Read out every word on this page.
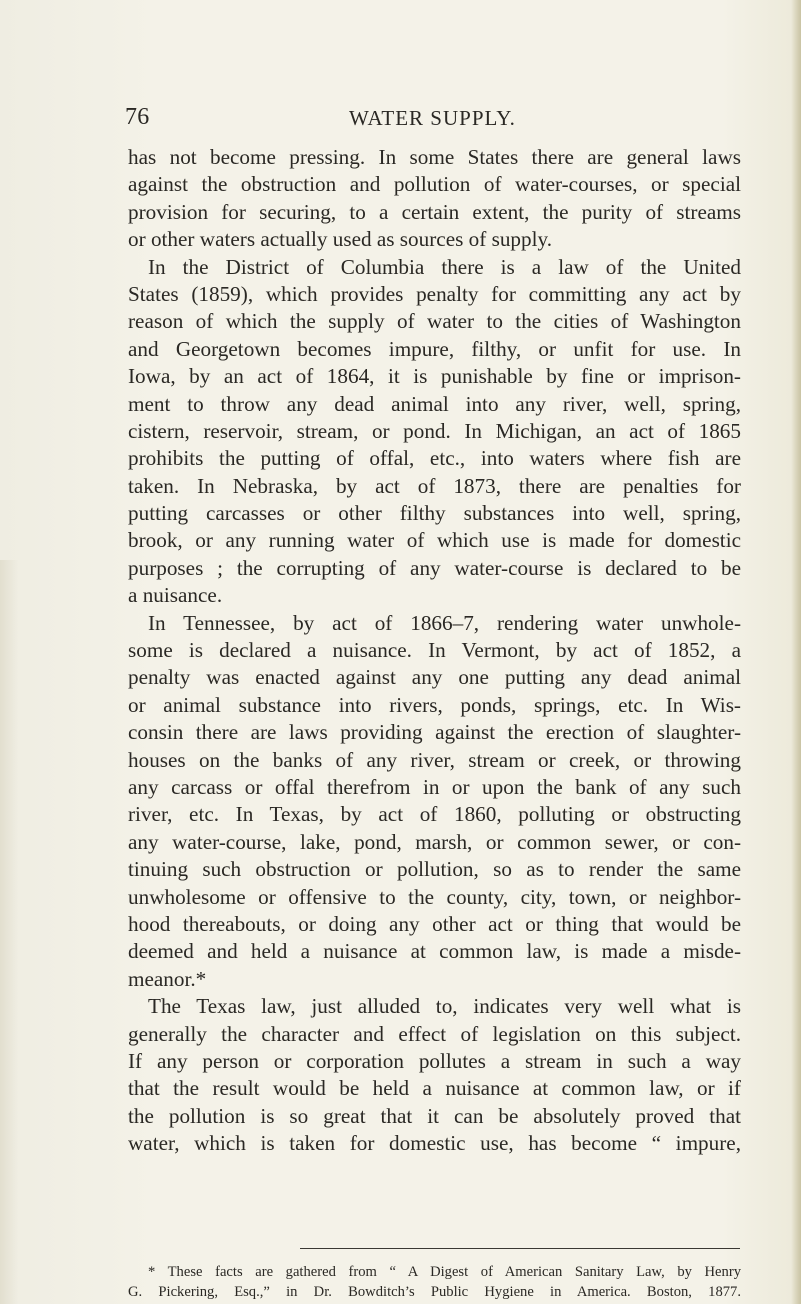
76	WATER SUPPLY.
has not become pressing. In some States there are general laws
against the obstruction and pollution of water-courses, or special
provision for securing, to a certain extent, the purity of streams
or other waters actually used as sources of supply.
In the District of Columbia there is a law of the United
States (1859), which provides penalty for committing any act by
reason of which the supply of water to the cities of Washington
and Georgetown becomes impure, filthy, or unfit for use. In
Iowa, by an act of 1864, it is punishable by fine or imprison-
ment to throw any dead animal into any river, well, spring,
cistern, reservoir, stream, or pond. In Michigan, an act of 1865
prohibits the putting of offal, etc., into waters where fish are
taken. In Nebraska, by act of 1873, there are penalties for
putting carcasses or other filthy substances into well, spring,
brook, or any running water of which use is made for domestic
purposes ; the corrupting of any water-course is declared to be
a nuisance.
In Tennessee, by act of 1866–7, rendering water unwhole-
some is declared a nuisance. In Vermont, by act of 1852, a
penalty was enacted against any one putting any dead animal
or animal substance into rivers, ponds, springs, etc. In Wis-
consin there are laws providing against the erection of slaughter-
houses on the banks of any river, stream or creek, or throwing
any carcass or offal therefrom in or upon the bank of any such
river, etc. In Texas, by act of 1860, polluting or obstructing
any water-course, lake, pond, marsh, or common sewer, or con-
tinuing such obstruction or pollution, so as to render the same
unwholesome or offensive to the county, city, town, or neighbor-
hood thereabouts, or doing any other act or thing that would be
deemed and held a nuisance at common law, is made a misde-
meanor.*
The Texas law, just alluded to, indicates very well what is
generally the character and effect of legislation on this subject.
If any person or corporation pollutes a stream in such a way
that the result would be held a nuisance at common law, or if
the pollution is so great that it can be absolutely proved that
water, which is taken for domestic use, has become “ impure,
* These facts are gathered from “ A Digest of American Sanitary Law, by Henry
G. Pickering, Esq.,” in Dr. Bowditch’s Public Hygiene in America. Boston, 1877.
